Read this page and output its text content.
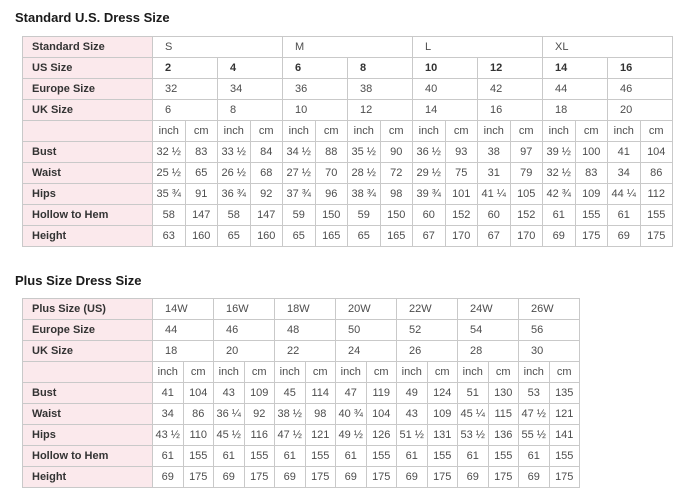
Standard U.S. Dress Size
Standard Size	S				M				L				XL			
US Size	2		4		6		8		10		12		14		16	
Europe Size	32		34		36		38		40		42		44		46	
UK Size	6		8		10		12		14		16		18		20	
	inch	cm	inch	cm	inch	cm	inch	cm	inch	cm	inch	cm	inch	cm	inch	cm
Bust	32 ½	83	33 ½	84	34 ½	88	35 ½	90	36 ½	93	38	97	39 ½	100	41	104
Waist	25 ½	65	26 ½	68	27 ½	70	28 ½	72	29 ½	75	31	79	32 ½	83	34	86
Hips	35 ¾	91	36 ¾	92	37 ¾	96	38 ¾	98	39 ¾	101	41 ¼	105	42 ¾	109	44 ¼	112
Hollow to Hem	58	147	58	147	59	150	59	150	60	152	60	152	61	155	61	155
Height	63	160	65	160	65	165	65	165	67	170	67	170	69	175	69	175
Plus Size Dress Size
Plus Size (US)	14W		16W		18W		20W		22W		24W		26W	
Europe Size	44		46		48		50		52		54		56	
UK Size	18		20		22		24		26		28		30	
	inch	cm	inch	cm	inch	cm	inch	cm	inch	cm	inch	cm	inch	cm
Bust	41	104	43	109	45	114	47	119	49	124	51	130	53	135
Waist	34	86	36 ¼	92	38 ½	98	40 ¾	104	43	109	45 ¼	115	47 ½	121
Hips	43 ½	110	45 ½	116	47 ½	121	49 ½	126	51 ½	131	53 ½	136	55 ½	141
Hollow to Hem	61	155	61	155	61	155	61	155	61	155	61	155	61	155
Height	69	175	69	175	69	175	69	175	69	175	69	175	69	175
